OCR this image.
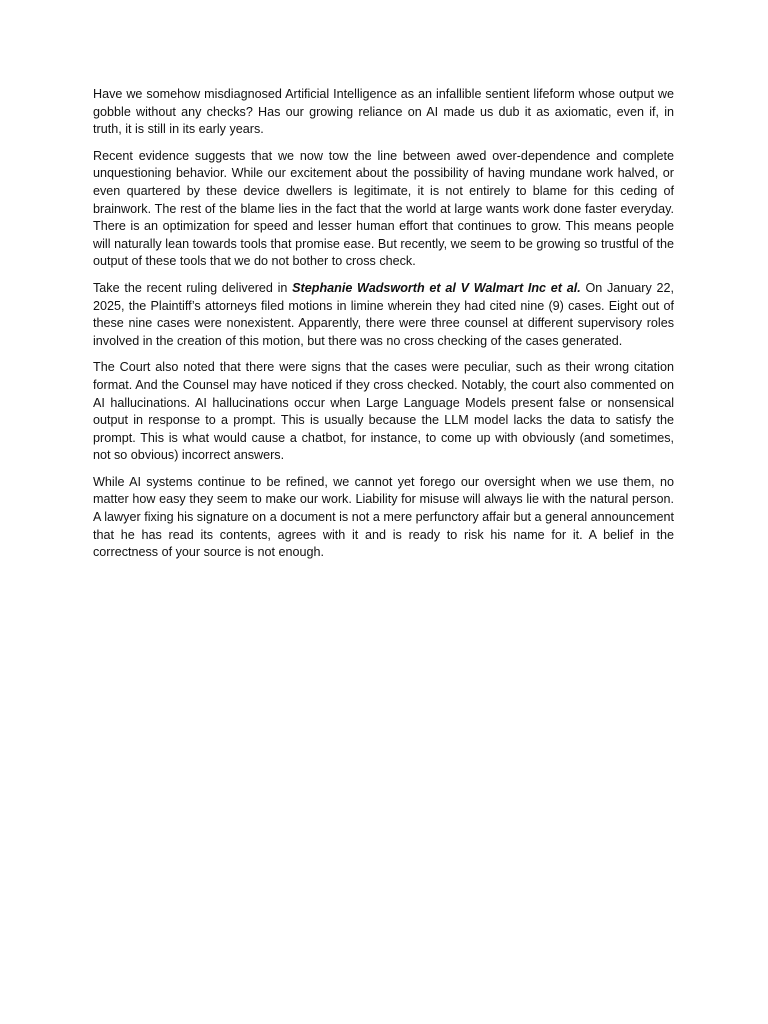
Have we somehow misdiagnosed Artificial Intelligence as an infallible sentient lifeform whose output we gobble without any checks? Has our growing reliance on AI made us dub it as axiomatic, even if, in truth, it is still in its early years.

Recent evidence suggests that we now tow the line between awed over-dependence and complete unquestioning behavior. While our excitement about the possibility of having mundane work halved, or even quartered by these device dwellers is legitimate, it is not entirely to blame for this ceding of brainwork. The rest of the blame lies in the fact that the world at large wants work done faster everyday. There is an optimization for speed and lesser human effort that continues to grow. This means people will naturally lean towards tools that promise ease. But recently, we seem to be growing so trustful of the output of these tools that we do not bother to cross check.

Take the recent ruling delivered in Stephanie Wadsworth et al V Walmart Inc et al. On January 22, 2025, the Plaintiff’s attorneys filed motions in limine wherein they had cited nine (9) cases. Eight out of these nine cases were nonexistent. Apparently, there were three counsel at different supervisory roles involved in the creation of this motion, but there was no cross checking of the cases generated.

The Court also noted that there were signs that the cases were peculiar, such as their wrong citation format. And the Counsel may have noticed if they cross checked. Notably, the court also commented on AI hallucinations. AI hallucinations occur when Large Language Models present false or nonsensical output in response to a prompt. This is usually because the LLM model lacks the data to satisfy the prompt. This is what would cause a chatbot, for instance, to come up with obviously (and sometimes, not so obvious) incorrect answers.

While AI systems continue to be refined, we cannot yet forego our oversight when we use them, no matter how easy they seem to make our work. Liability for misuse will always lie with the natural person. A lawyer fixing his signature on a document is not a mere perfunctory affair but a general announcement that he has read its contents, agrees with it and is ready to risk his name for it. A belief in the correctness of your source is not enough.
